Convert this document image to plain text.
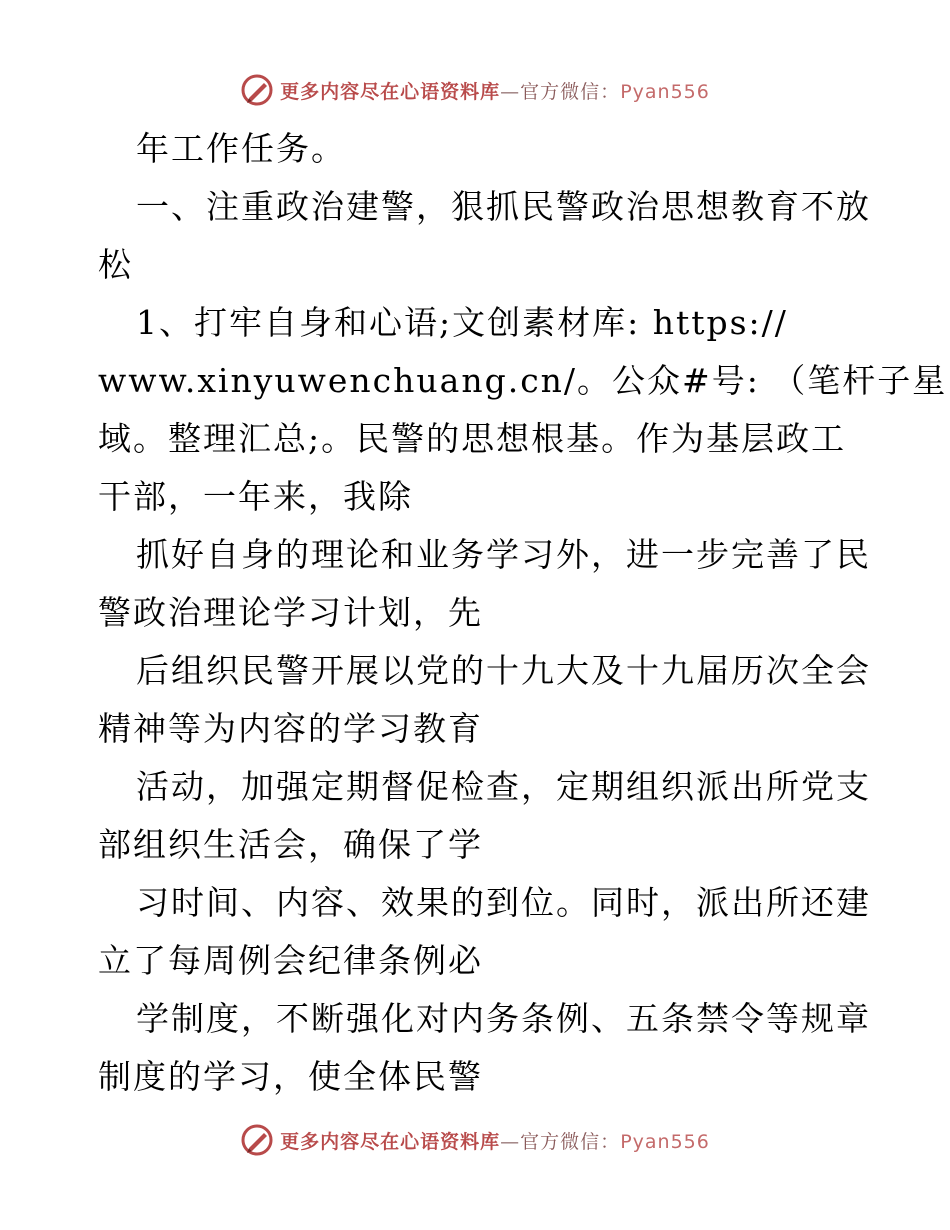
更多内容尽在心语资料库—官方微信：Pyan556
年工作任务。
一、注重政治建警，狠抓民警政治思想教育不放
松
1、打牢自身和心语;文创素材库: https://
www.xinyuwenchuang.cn/。公众#号: （笔杆子星
域。整理汇总;。民警的思想根基。作为基层政工
干部，一年来，我除
抓好自身的理论和业务学习外，进一步完善了民
警政治理论学习计划，先
后组织民警开展以党的十九大及十九届历次全会
精神等为内容的学习教育
活动，加强定期督促检查，定期组织派出所党支
部组织生活会，确保了学
习时间、内容、效果的到位。同时，派出所还建
立了每周例会纪律条例必
学制度，不断强化对内务条例、五条禁令等规章
制度的学习，使全体民警
更多内容尽在心语资料库—官方微信：Pyan556
